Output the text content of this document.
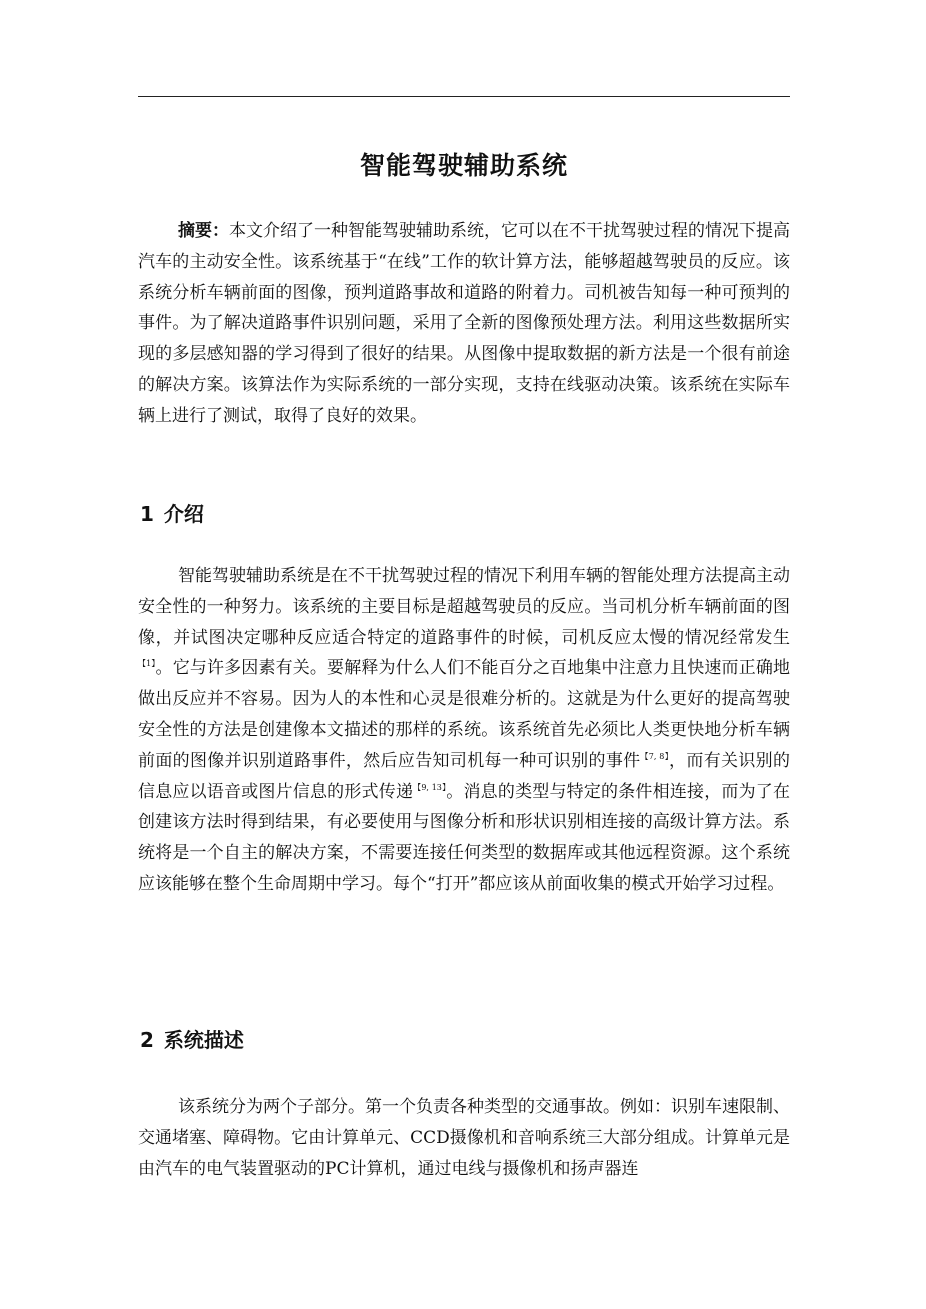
智能驾驶辅助系统

摘要：本文介绍了一种智能驾驶辅助系统，它可以在不干扰驾驶过程的情况下提高汽车的主动安全性。该系统基于“在线”工作的软计算方法，能够超越驾驶员的反应。该系统分析车辆前面的图像，预判道路事故和道路的附着力。司机被告知每一种可预判的事件。为了解决道路事件识别问题，采用了全新的图像预处理方法。利用这些数据所实现的多层感知器的学习得到了很好的结果。从图像中提取数据的新方法是一个很有前途的解决方案。该算法作为实际系统的一部分实现，支持在线驱动决策。该系统在实际车辆上进行了测试，取得了良好的效果。

1 介绍

智能驾驶辅助系统是在不干扰驾驶过程的情况下利用车辆的智能处理方法提高主动安全性的一种努力。该系统的主要目标是超越驾驶员的反应。当司机分析车辆前面的图像，并试图决定哪种反应适合特定的道路事件的时候，司机反应太慢的情况经常发生$^{【1】}$。它与许多因素有关。要解释为什么人们不能百分之百地集中注意力且快速而正确地做出反应并不容易。因为人的本性和心灵是很难分析的。这就是为什么更好的提高驾驶安全性的方法是创建像本文描述的那样的系统。该系统首先必须比人类更快地分析车辆前面的图像并识别道路事件，然后应告知司机每一种可识别的事件$^{【7, 8】}$，而有关识别的信息应以语音或图片信息的形式传递$^{【9, 13】}$。消息的类型与特定的条件相连接，而为了在创建该方法时得到结果，有必要使用与图像分析和形状识别相连接的高级计算方法。系统将是一个自主的解决方案，不需要连接任何类型的数据库或其他远程资源。这个系统应该能够在整个生命周期中学习。每个“打开”都应该从前面收集的模式开始学习过程。

2 系统描述

该系统分为两个子部分。第一个负责各种类型的交通事故。例如：识别车速限制、交通堵塞、障碍物。它由计算单元、CCD摄像机和音响系统三大部分组成。计算单元是由汽车的电气装置驱动的PC计算机，通过电线与摄像机和扬声器连
